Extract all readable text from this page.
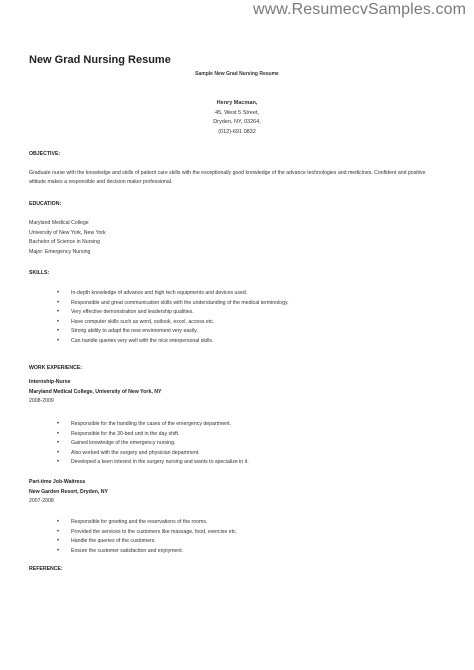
www.ResumecvSamples.com
New Grad Nursing Resume
Sample New Grad Nursing Resume
Henry Macman,
45, West 5 Street,
Dryden, NY, 03264,
(012)-691 0832
OBJECTIVE:
Graduate nurse with the knowledge and skills of patient care skills with the exceptionally good knowledge of the advance technologies and medicines. Confident and positive attitude makes a responsible and decision maker professional.
EDUCATION:
Maryland Medical College
University of New York, New York
Bachelor of Science in Nursing
Major: Emergency Nursing
SKILLS:
• In-depth knowledge of advance and high tech equipments and devices used.
• Responsible and great communication skills with the understanding of the medical terminology.
• Very effective demonstration and leadership qualities.
• Have computer skills such as word, outlook, excel, access etc.
• Strong ability to adapt the new environment very easily.
• Can handle queries very well with the nice interpersonal skills.
WORK EXPERIENCE:
Internship-Nurse
Maryland Medical College, University of New York, NY
2008-2009
• Responsible for the handling the cases of the emergency department.
• Responsible for the 30-bed unit in the day shift.
• Gained knowledge of the emergency nursing.
• Also worked with the surgery and physician department.
• Developed a keen interest in the surgery nursing and wants to specialize in it.
Part-time Job-Waitress
New Garden Resort, Dryden, NY
2007-2008
• Responsible for greeting and the reservations of the rooms.
• Provided the services to the customers like massage, food, exercise etc.
• Handle the queries of the customers.
• Ensure the customer satisfaction and enjoyment.
REFERENCE:
